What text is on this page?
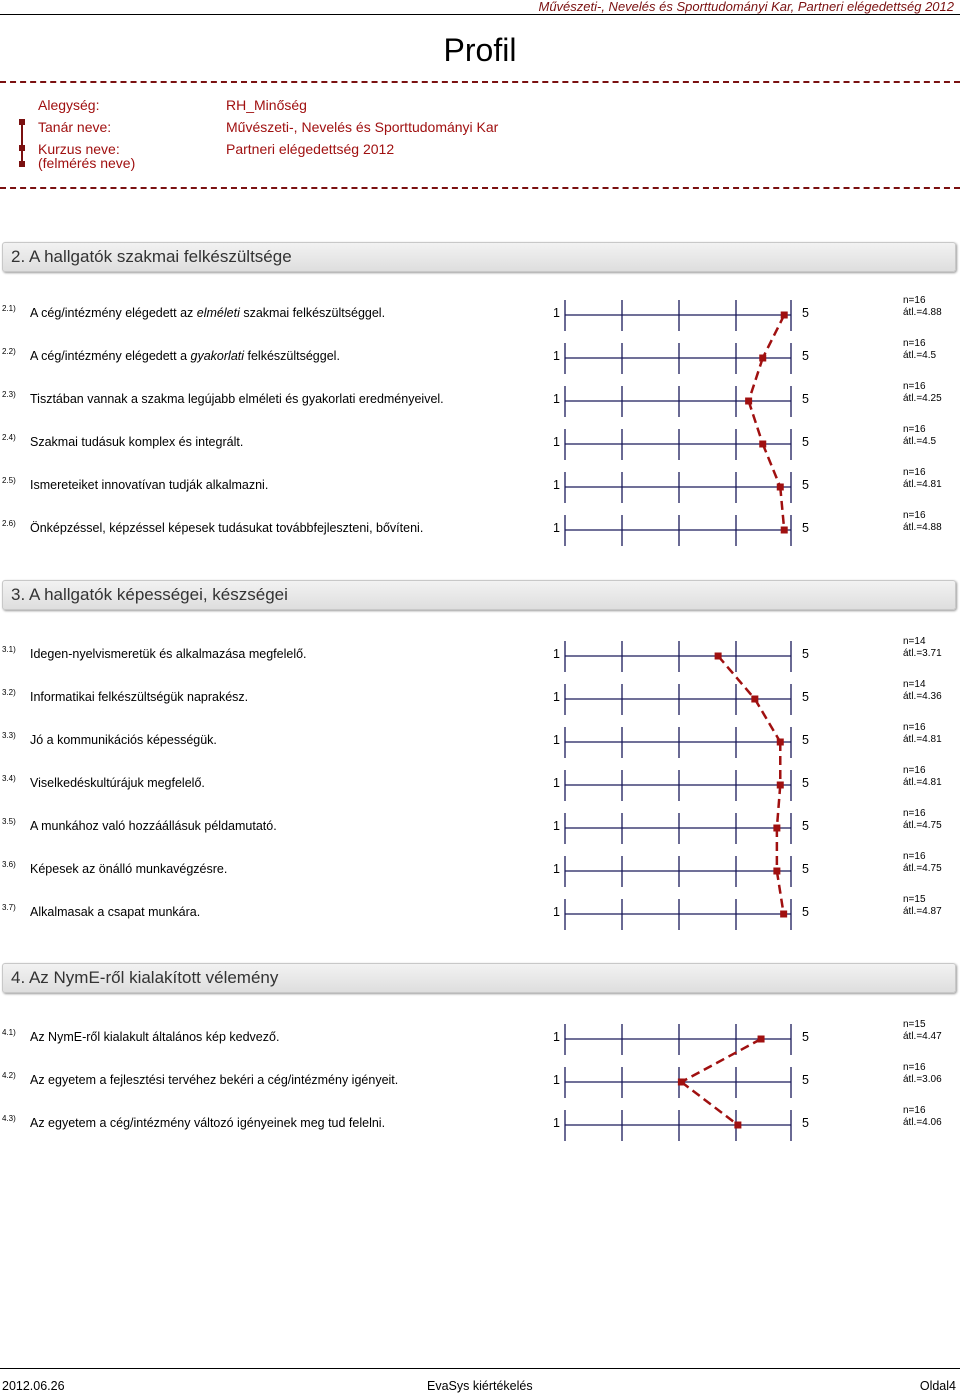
Művészeti-, Nevelés és Sporttudományi Kar, Partneri elégedettség 2012
Profil
Alegység:	RH_Minőség
Tanár neve:	Művészeti-, Nevelés és Sporttudományi Kar
Kurzus neve:	Partneri elégedettség 2012
(felmérés neve)
2. A hallgatók szakmai felkészültsége
2.1) A cég/intézmény elégedett az elméleti szakmai felkészültséggel.	1	5
n=16
átl.=4.88
2.2) A cég/intézmény elégedett a gyakorlati felkészültséggel.	1	5
n=16
átl.=4.5
2.3) Tisztában vannak a szakma legújabb elméleti és gyakorlati eredményeivel.	1	5
n=16
átl.=4.25
2.4) Szakmai tudásuk komplex és integrált.	1	5
n=16
átl.=4.5
2.5) Ismereteiket innovatívan tudják alkalmazni.	1	5
n=16
átl.=4.81
2.6) Önképzéssel, képzéssel képesek tudásukat továbbfejleszteni, bővíteni.	1	5
n=16
átl.=4.88
3. A hallgatók képességei, készségei
3.1) Idegen-nyelvismeretük és alkalmazása megfelelő.	1	5
n=14
átl.=3.71
3.2) Informatikai felkészültségük naprakész.	1	5
n=14
átl.=4.36
3.3) Jó a kommunikációs képességük.	1	5
n=16
átl.=4.81
3.4) Viselkedéskultúrájuk megfelelő.	1	5
n=16
átl.=4.81
3.5) A munkához való hozzáállásuk példamutató.	1	5
n=16
átl.=4.75
3.6) Képesek az önálló munkavégzésre.	1	5
n=16
átl.=4.75
3.7) Alkalmasak a csapat munkára.	1	5
n=15
átl.=4.87
4. Az NymE-ről kialakított vélemény
4.1) Az NymE-ről kialakult általános kép kedvező.	1	5
n=15
átl.=4.47
4.2) Az egyetem a fejlesztési tervéhez bekéri a cég/intézmény igényeit.	1	5
n=16
átl.=3.06
4.3) Az egyetem a cég/intézmény változó igényeinek meg tud felelni.	1	5
n=16
átl.=4.06
2012.06.26	EvaSys kiértékelés	Oldal4
